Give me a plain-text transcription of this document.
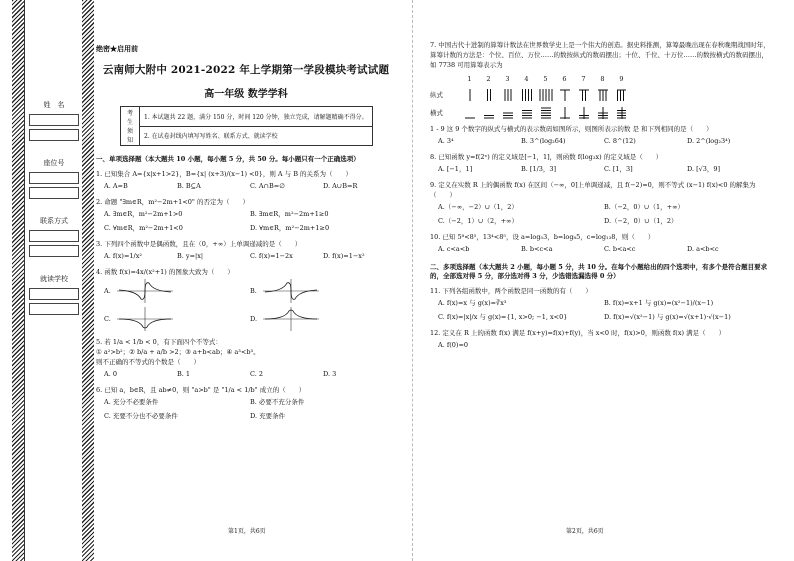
姓　名
座位号
联系方式
就读学校
绝密★启用前
云南师大附中 2021-2022 年上学期第一学段模块考试试题
高一年级 数学学科
考生须知	1. 本试题共 22 题，满分 150 分，时间 120 分钟，独立完成，请解题精确不得分。
2. 在试卷封线内填写写姓名、联系方式、就读学校
一、单项选择题（本大题共 10 小题，每小题 5 分，共 50 分。每小题只有一个正确选项）
1. 已知集合 A={x|x+1>2}，B={x| (x+3)/(x−1) <0}，则 A 与 B 的关系为（　　）
A. A=B	B. B⊆A	C. A∩B=∅	D. A∪B=R
2. 命题 "∃m∈R，m²−2m+1<0" 的否定为（　　）
A. ∃m∈R，m²−2m+1>0	B. ∃m∈R，m²−2m+1≥0
C. ∀m∈R，m²−2m+1<0	D. ∀m∈R，m²−2m+1≥0
3. 下列四个函数中是偶函数，且在（0，+∞）上单调递减的是（　　）
A. f(x)=1/x²	B. y=|x|	C. f(x)=1−2x	D. f(x)=1−x²
4. 函数 f(x)=4x/(x²+1) 的图象大致为（　　）
A.	B.
C.	D.
5. 若 1/a < 1/b < 0，有下面四个不等式：
① a²>b²；② b/a + a/b >2；③ a+b<ab；④ a³<b³。
则不正确的不等式的个数是（　　）
A. 0	B. 1	C. 2	D. 3
6. 已知 a，b∈R，且 ab≠0，则 "a>b" 是 "1/a < 1/b" 成立的（　　）
A. 充分不必要条件	B. 必要不充分条件
C. 充要不分也不必要条件	D. 充要条件
第1页，共6页
7. 中国古代十进制的算筹计数法在世界数学史上是一个伟大的创造。据史料推测，算筹最晚出现在春秋晚期战国时年，算筹计数的方法是：个位、百位、万位……的数按纵式的数码摆出；十位、千位、十万位……的数按横式的数码摆出，如 7738 可用算筹表示为
1	2	3	4	5	6	7	8	9
纵式
横式
1 - 9 这 9 个数字的纵式与横式的表示数码如图所示，则图所表示的数 是 和下列相同的是（　　）
A. 3⁴	B. 3^(log₂64)	C. 8^(12)	D. 2^(log₂3⁴)
8. 已知函数 y=f(2ˣ) 的定义域是[−1，1]，则函数 f(log₃x) 的定义域是（　　）
A. [−1，1]	B. [1/3，3]	C. [1，3]	D. [√3，9]
9. 定义在实数 R 上的偶函数 f(x) 在区间（−∞，0]上单调递减，且 f(−2)=0，则不等式 (x−1) f(x)<0 的解集为（　　）
A.（−∞，−2）∪（1，2）	B.（−2，0）∪（1，+∞）
C.（−2，1）∪（2，+∞）	D.（−2，0）∪（1，2）
10. 已知 5⁸<8⁵，13⁴<8⁵，设 a=log₅3，b=log₈5，c=log₁₃8，则（　　）
A. c<a<b	B. b<c<a	C. b<a<c	D. a<b<c
二、多项选择题（本大题共 2 小题，每小题 5 分，共 10 分。在每个小题给出的四个选项中，有多个是符合题目要求的，全部选对得 5 分，部分选对得 3 分，少选错选漏选得 0 分）
11. 下列各组函数中，两个函数是同一函数的有（　　）
A. f(x)=x 与 g(x)=∛x³	B. f(x)=x+1 与 g(x)=(x²−1)/(x−1)
C. f(x)=|x|/x 与 g(x)={1, x>0; −1, x<0}	D. f(x)=√(x²−1) 与 g(x)=√(x+1)·√(x−1)
12. 定义在 R 上的函数 f(x) 满足 f(x+y)=f(x)+f(y)，当 x<0 时，f(x)>0，则函数 f(x) 满足（　　）
A. f(0)=0
第2页，共6页
